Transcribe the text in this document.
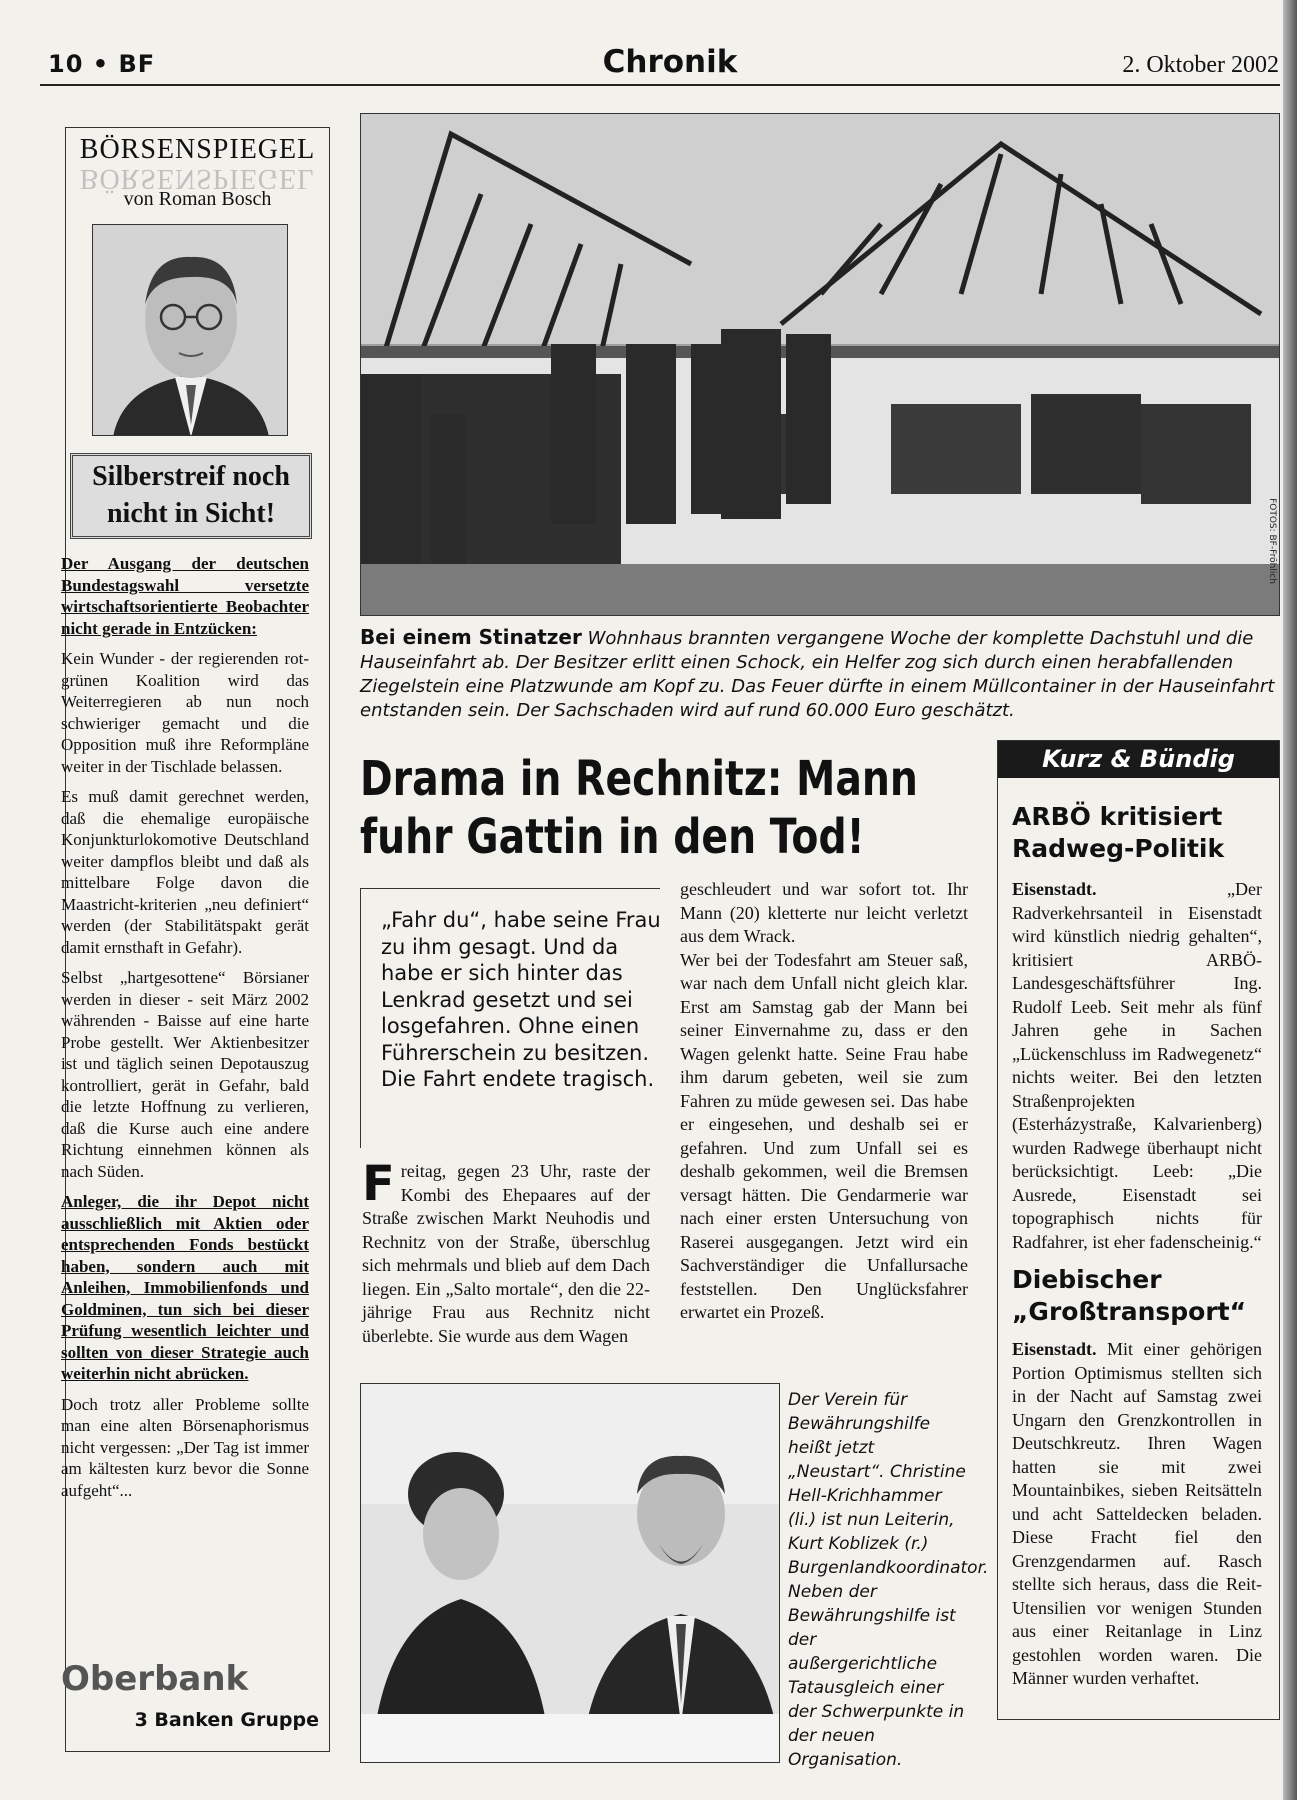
10 • BF	Chronik	2. Oktober 2002
BÖRSENSPIEGEL
BÖRSENSPIEGEL
von Roman Bosch
Silberstreif noch
nicht in Sicht!

Der Ausgang der deutschen Bundestagswahl versetzte wirtschaftsorientierte Beobachter nicht gerade in Entzücken:

Kein Wunder - der regierenden rot-grünen Koalition wird das Weiterregieren ab nun noch schwieriger gemacht und die Opposition muß ihre Reformpläne weiter in der Tischlade belassen.

Es muß damit gerechnet werden, daß die ehemalige europäische Konjunkturlokomotive Deutschland weiter dampflos bleibt und daß als mittelbare Folge davon die Maastricht-kriterien „neu definiert“ werden (der Stabilitätspakt gerät damit ernsthaft in Gefahr).

Selbst „hartgesottene“ Börsianer werden in dieser - seit März 2002 währenden - Baisse auf eine harte Probe gestellt. Wer Aktienbesitzer ist und täglich seinen Depotauszug kontrolliert, gerät in Gefahr, bald die letzte Hoffnung zu verlieren, daß die Kurse auch eine andere Richtung einnehmen können als nach Süden.

Anleger, die ihr Depot nicht ausschließlich mit Aktien oder entsprechenden Fonds bestückt haben, sondern auch mit Anleihen, Immobilienfonds und Goldminen, tun sich bei dieser Prüfung wesentlich leichter und sollten von dieser Strategie auch weiterhin nicht abrücken.

Doch trotz aller Probleme sollte man eine alten Börsenaphorismus nicht vergessen: „Der Tag ist immer am kältesten kurz bevor die Sonne aufgeht“...

Oberbank
3 Banken Gruppe
FOTOS: BF-Fröhlich
Bei einem Stinatzer Wohnhaus brannten vergangene Woche der komplette Dachstuhl und die Hauseinfahrt ab. Der Besitzer erlitt einen Schock, ein Helfer zog sich durch einen herabfallenden Ziegelstein eine Platzwunde am Kopf zu. Das Feuer dürfte in einem Müllcontainer in der Hauseinfahrt entstanden sein. Der Sachschaden wird auf rund 60.000 Euro geschätzt.
Drama in Rechnitz: Mann
fuhr Gattin in den Tod!
„Fahr du“, habe seine Frau zu ihm gesagt. Und da habe er sich hinter das Lenkrad gesetzt und sei losgefahren. Ohne einen Führerschein zu besitzen. Die Fahrt endete tragisch.
Freitag, gegen 23 Uhr, raste der Kombi des Ehepaares auf der Straße zwischen Markt Neuhodis und Rechnitz von der Straße, überschlug sich mehrmals und blieb auf dem Dach liegen. Ein „Salto mortale“, den die 22-jährige Frau aus Rechnitz nicht überlebte. Sie wurde aus dem Wagen
geschleudert und war sofort tot. Ihr Mann (20) kletterte nur leicht verletzt aus dem Wrack.
Wer bei der Todesfahrt am Steuer saß, war nach dem Unfall nicht gleich klar. Erst am Samstag gab der Mann bei seiner Einvernahme zu, dass er den Wagen gelenkt hatte. Seine Frau habe ihm darum gebeten, weil sie zum Fahren zu müde gewesen sei. Das habe er eingesehen, und deshalb sei er gefahren. Und zum Unfall sei es deshalb gekommen, weil die Bremsen versagt hätten. Die Gendarmerie war nach einer ersten Untersuchung von Raserei ausgegangen. Jetzt wird ein Sachverständiger die Unfallursache feststellen. Den Unglücksfahrer erwartet ein Prozeß.
Der Verein für Bewährungshilfe heißt jetzt „Neustart“. Christine Hell-Krichhammer (li.) ist nun Leiterin, Kurt Koblizek (r.) Burgenlandkoordinator. Neben der Bewährungshilfe ist der außergerichtliche Tatausgleich einer der Schwerpunkte in der neuen Organisation.
Kurz & Bündig
ARBÖ kritisiert
Radweg-Politik
Eisenstadt.	„Der Radverkehrsanteil in Eisenstadt wird künstlich niedrig gehalten“, kritisiert ARBÖ-Landesgeschäftsführer Ing. Rudolf Leeb. Seit mehr als fünf Jahren gehe in Sachen „Lückenschluss im Radwegenetz“ nichts weiter. Bei den letzten Straßenprojekten (Esterházystraße, Kalvarienberg) wurden Radwege überhaupt nicht berücksichtigt. Leeb: „Die Ausrede, Eisenstadt sei topographisch nichts für Radfahrer, ist eher fadenscheinig.“
Diebischer
„Großtransport“
Eisenstadt. Mit einer gehörigen Portion Optimismus stellten sich in der Nacht auf Samstag zwei Ungarn den Grenzkontrollen in Deutschkreutz. Ihren Wagen hatten sie mit zwei Mountainbikes, sieben Reitsätteln und acht Satteldecken beladen. Diese Fracht fiel den Grenzgendarmen auf. Rasch stellte sich heraus, dass die Reit-Utensilien vor wenigen Stunden aus einer Reitanlage in Linz gestohlen worden waren. Die Männer wurden verhaftet.
